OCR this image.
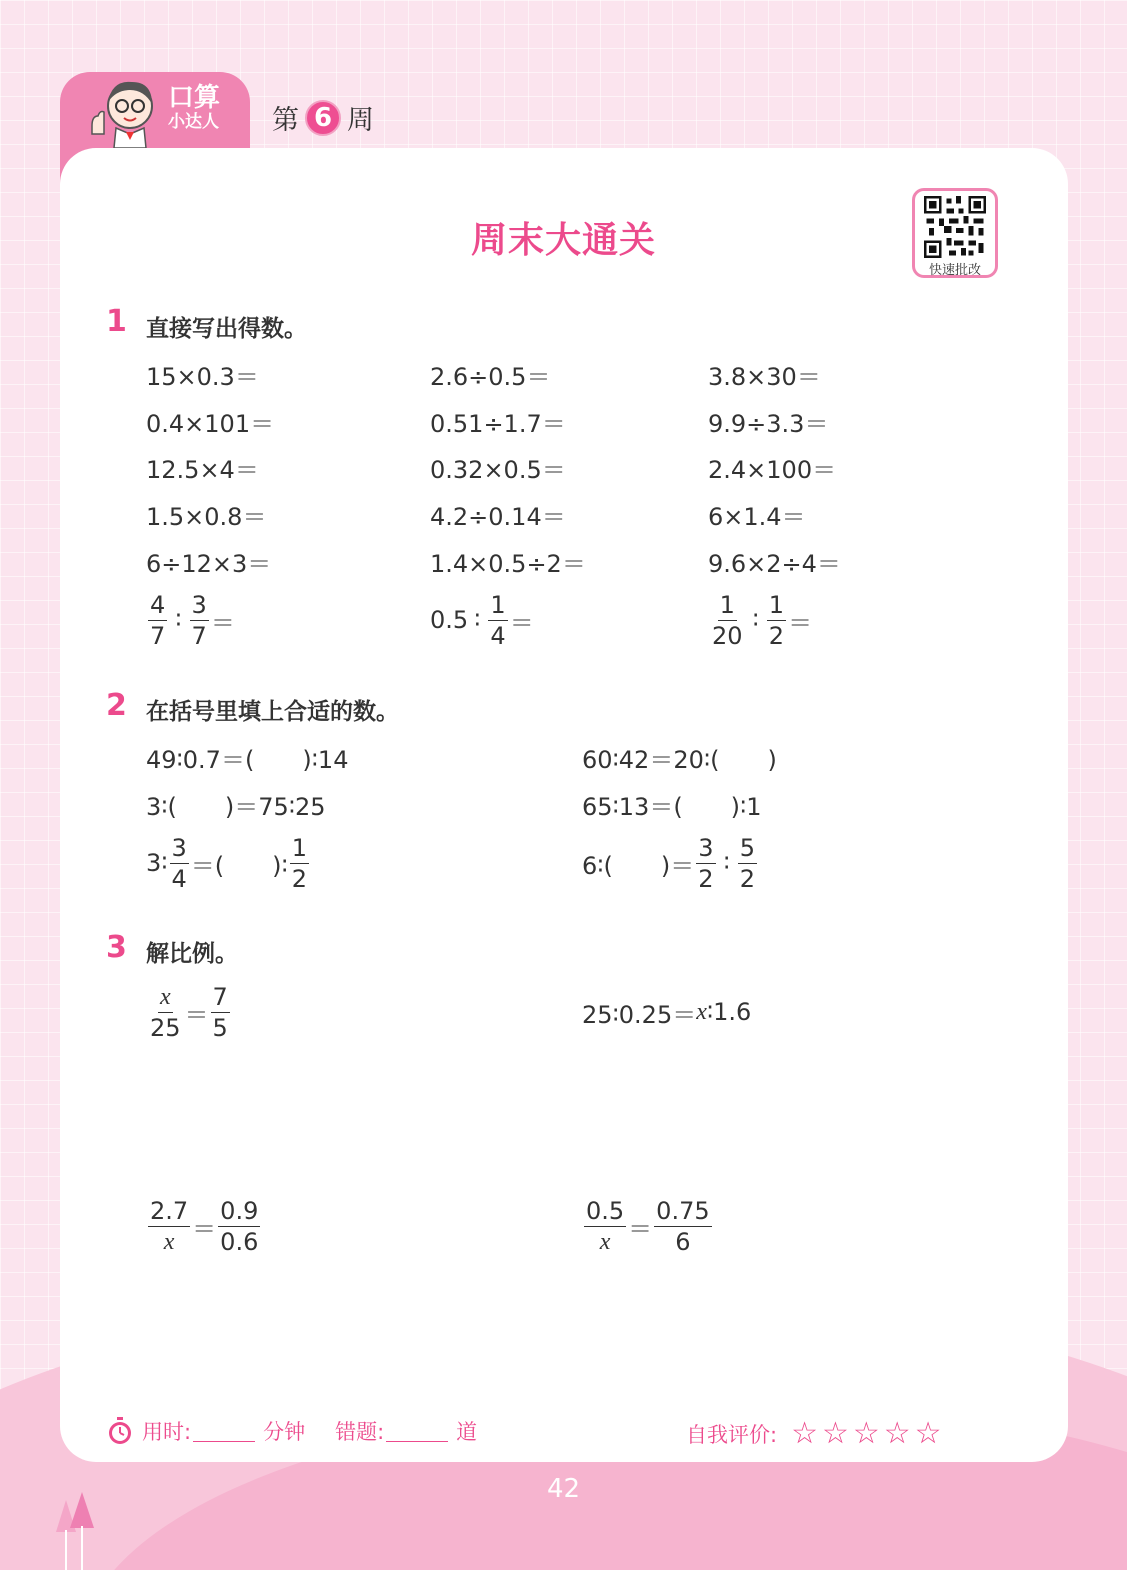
口算
小达人 第 6 周
周末大通关
快速批改
1 直接写出得数。
15×0.3＝	2.6÷0.5＝	3.8×30＝
0.4×101＝	0.51÷1.7＝	9.9÷3.3＝
12.5×4＝	0.32×0.5＝	2.4×100＝
1.5×0.8＝	4.2÷0.14＝	6×1.4＝
6÷12×3＝	1.4×0.5÷2＝	9.6×2÷4＝
$\frac{4}{7}$ ∶ $\frac{3}{7}$ ＝	0.5 ∶ $\frac{1}{4}$ ＝	$\frac{1}{20}$ ∶ $\frac{1}{2}$ ＝
2 在括号里填上合适的数。
49∶0.7＝(　　)∶14	60∶42＝20∶(　　)
3∶(　　)＝75∶25	65∶13＝(　　)∶1
3∶ $\frac{3}{4}$ ＝(　　)∶ $\frac{1}{2}$	6∶(　　)＝ $\frac{3}{2}$ ∶ $\frac{5}{2}$
3 解比例。
$\frac{x}{25} = \frac{7}{5}$	25∶0.25＝ x ∶1.6
$\frac{2.7}{x} = \frac{0.9}{0.6}$	$\frac{0.5}{x} = \frac{0.75}{6}$
用时:	分钟 错题:	道	自我评价: ☆☆☆☆☆
42
